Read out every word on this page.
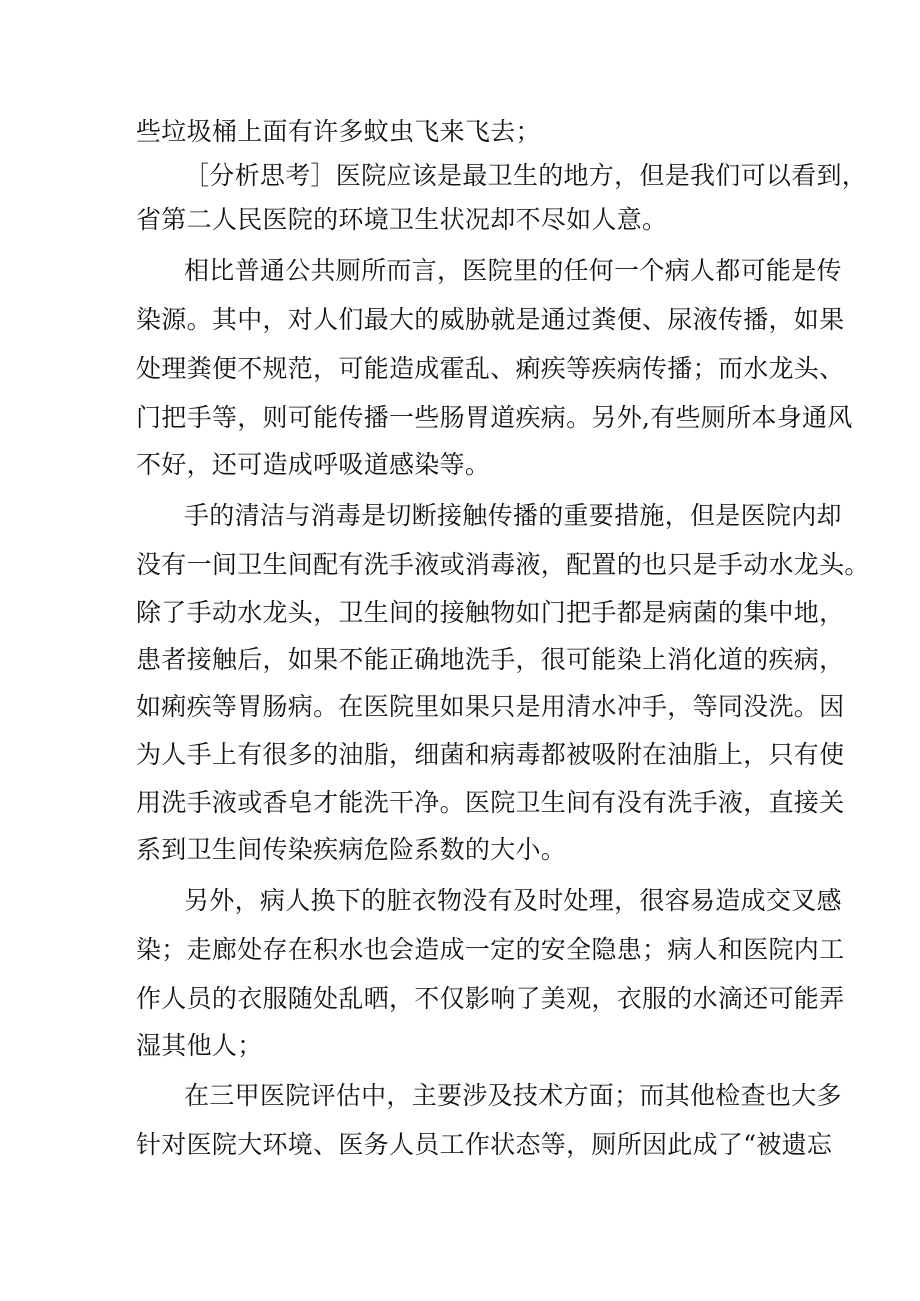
些垃圾桶上面有许多蚊虫飞来飞去；
［分析思考］医院应该是最卫生的地方，但是我们可以看到，
省第二人民医院的环境卫生状况却不尽如人意。
相比普通公共厕所而言，医院里的任何一个病人都可能是传
染源。其中，对人们最大的威胁就是通过粪便、尿液传播，如果
处理粪便不规范，可能造成霍乱、痢疾等疾病传播；而水龙头、
门把手等，则可能传播一些肠胃道疾病。另外,有些厕所本身通风
不好，还可造成呼吸道感染等。
手的清洁与消毒是切断接触传播的重要措施，但是医院内却
没有一间卫生间配有洗手液或消毒液，配置的也只是手动水龙头。
除了手动水龙头，卫生间的接触物如门把手都是病菌的集中地，
患者接触后，如果不能正确地洗手，很可能染上消化道的疾病，
如痢疾等胃肠病。在医院里如果只是用清水冲手，等同没洗。因
为人手上有很多的油脂，细菌和病毒都被吸附在油脂上，只有使
用洗手液或香皂才能洗干净。医院卫生间有没有洗手液，直接关
系到卫生间传染疾病危险系数的大小。
另外，病人换下的脏衣物没有及时处理，很容易造成交叉感
染；走廊处存在积水也会造成一定的安全隐患；病人和医院内工
作人员的衣服随处乱晒，不仅影响了美观，衣服的水滴还可能弄
湿其他人；
在三甲医院评估中，主要涉及技术方面；而其他检查也大多
针对医院大环境、医务人员工作状态等，厕所因此成了“被遗忘
